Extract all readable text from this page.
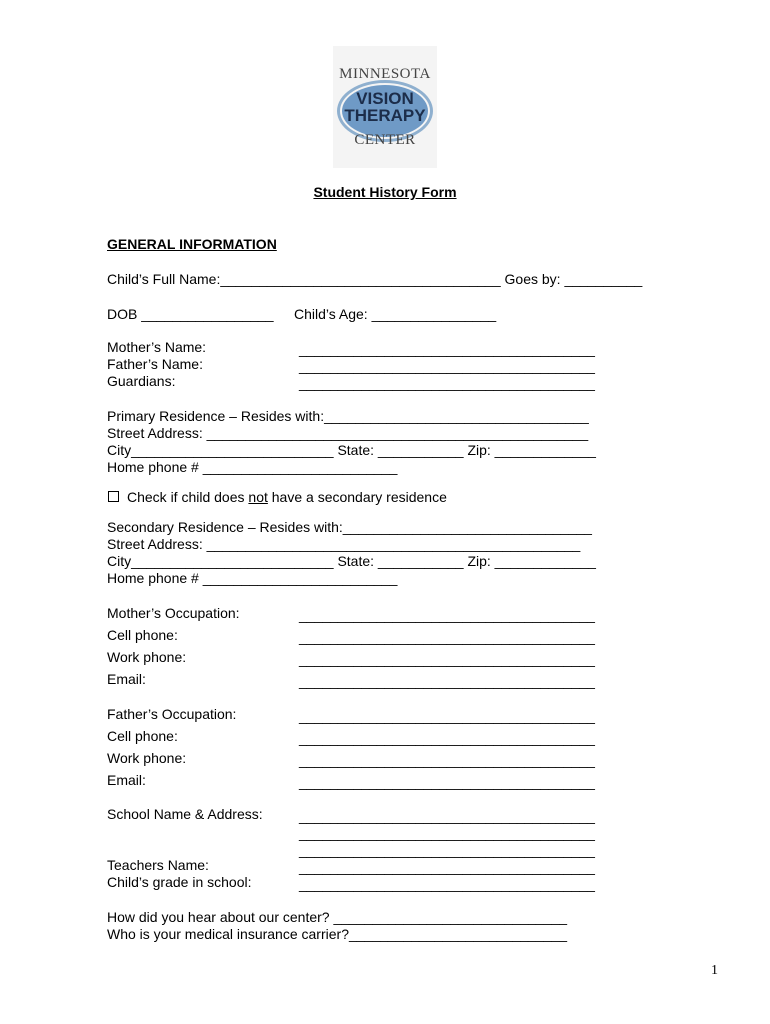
MINNESOTA
VISION
THERAPY
CENTER
Student History Form
GENERAL INFORMATION
Child’s Full Name:____________________________________ Goes by: __________
DOB _________________ Child’s Age: ________________
Mother’s Name:
Father’s Name:
Guardians:
______________________________________
______________________________________
______________________________________
Primary Residence – Resides with:__________________________________
Street Address: _________________________________________________
City__________________________ State: ___________ Zip: _____________
Home phone # _________________________
Check if child does not have a secondary residence
Secondary Residence – Resides with:________________________________
Street Address: ________________________________________________
City__________________________ State: ___________ Zip: _____________
Home phone # _________________________
Mother’s Occupation:
Cell phone:
Work phone:
Email:
______________________________________
______________________________________
______________________________________
______________________________________
Father’s Occupation:
Cell phone:
Work phone:
Email:
______________________________________
______________________________________
______________________________________
______________________________________
School Name & Address:	______________________________________
______________________________________
______________________________________
Teachers Name:
Child’s grade in school:
______________________________________
______________________________________
How did you hear about our center? ______________________________
Who is your medical insurance carrier?____________________________
1
